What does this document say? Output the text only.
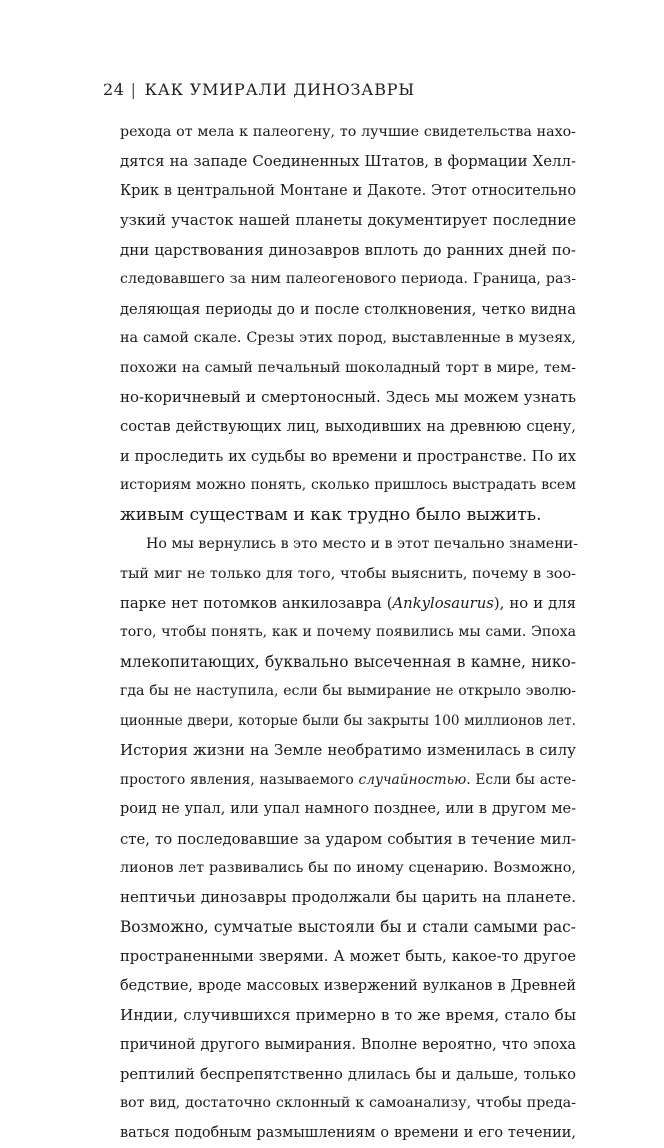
24 | КАК УМИРАЛИ ДИНОЗАВРЫ
рехода от мела к палеогену, то лучшие свидетельства нахо-
дятся на западе Соединенных Штатов, в формации Хелл-
Крик в центральной Монтане и Дакоте. Этот относительно
узкий участок нашей планеты документирует последние
дни царствования динозавров вплоть до ранних дней по-
следовавшего за ним палеогенового периода. Граница, раз-
деляющая периоды до и после столкновения, четко видна
на самой скале. Срезы этих пород, выставленные в музеях,
похожи на самый печальный шоколадный торт в мире, тем-
но-коричневый и смертоносный. Здесь мы можем узнать
состав действующих лиц, выходивших на древнюю сцену,
и проследить их судьбы во времени и пространстве. По их
историям можно понять, сколько пришлось выстрадать всем
живым существам и как трудно было выжить.
Но мы вернулись в это место и в этот печально знамени-
тый миг не только для того, чтобы выяснить, почему в зоо-
парке нет потомков анкилозавра (Ankylosaurus), но и для
того, чтобы понять, как и почему появились мы сами. Эпоха
млекопитающих, буквально высеченная в камне, нико-
гда бы не наступила, если бы вымирание не открыло эволю-
ционные двери, которые были бы закрыты 100 миллионов лет.
История жизни на Земле необратимо изменилась в силу
простого явления, называемого случайностью. Если бы асте-
роид не упал, или упал намного позднее, или в другом ме-
сте, то последовавшие за ударом события в течение мил-
лионов лет развивались бы по иному сценарию. Возможно,
нептичьи динозавры продолжали бы царить на планете.
Возможно, сумчатые выстояли бы и стали самыми рас-
пространенными зверями. А может быть, какое-то другое
бедствие, вроде массовых извержений вулканов в Древней
Индии, случившихся примерно в то же время, стало бы
причиной другого вымирания. Вполне вероятно, что эпоха
рептилий беспрепятственно длилась бы и дальше, только
вот вид, достаточно склонный к самоанализу, чтобы преда-
ваться подобным размышлениям о времени и его течении,
